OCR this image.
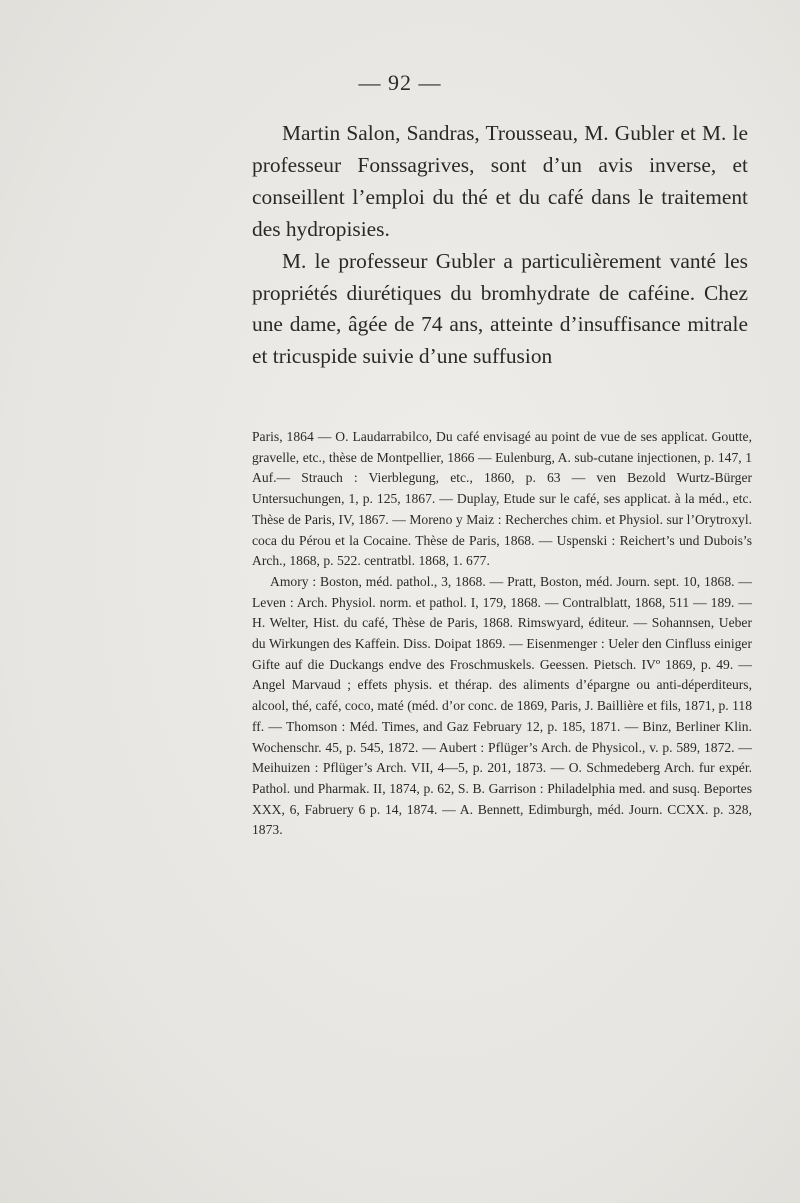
— 92 —

Martin Salon, Sandras, Trousseau, M. Gubler et M. le professeur Fonssagrives, sont d’un avis inverse, et conseillent l’emploi du thé et du café dans le traitement des hydropisies.

M. le professeur Gubler a particulièrement vanté les propriétés diurétiques du bromhydrate de caféine. Chez une dame, âgée de 74 ans, atteinte d’insuffisance mitrale et tricuspide suivie d’une suffusion

Paris, 1864 — O. Laudarrabilco, Du café envisagé au point de vue de ses applicat. Goutte, gravelle, etc., thèse de Montpellier, 1866 — Eulenburg, A. sub-cutane injectionen, p. 147, 1 Auf.— Strauch : Vierblegung, etc., 1860, p. 63 — ven Bezold Wurtz-Bürger Untersuchungen, 1, p. 125, 1867. — Duplay, Etude sur le café, ses applicat. à la méd., etc. Thèse de Paris, IV, 1867. — Moreno y Maiz : Recherches chim. et Physiol. sur l’Orytroxyl. coca du Pérou et la Cocaine. Thèse de Paris, 1868. — Uspenski : Reichert’s und Dubois’s Arch., 1868, p. 522. centratbl. 1868, 1. 677.

Amory : Boston, méd. pathol., 3, 1868. — Pratt, Boston, méd. Journ. sept. 10, 1868. — Leven : Arch. Physiol. norm. et pathol. I, 179, 1868. — Contralblatt, 1868, 511 — 189. — H. Welter, Hist. du café, Thèse de Paris, 1868. Rimswyard, éditeur. — Sohannsen, Ueber du Wirkungen des Kaffein. Diss. Doipat 1869. — Eisenmenger : Ueler den Cinfluss einiger Gifte auf die Duckangs endve des Froschmuskels. Geessen. Pietsch. IVº 1869, p. 49. — Angel Marvaud ; effets physis. et thérap. des aliments d’épargne ou anti-déperditeurs, alcool, thé, café, coco, maté (méd. d’or conc. de 1869, Paris, J. Baillière et fils, 1871, p. 118 ff. — Thomson : Méd. Times, and Gaz February 12, p. 185, 1871. — Binz, Berliner Klin. Wochenschr. 45, p. 545, 1872. — Aubert : Pflüger’s Arch. de Physicol., v. p. 589, 1872. — Meihuizen : Pflüger’s Arch. VII, 4—5, p. 201, 1873. — O. Schmedeberg Arch. fur expér. Pathol. und Pharmak. II, 1874, p. 62, S. B. Garrison : Philadelphia med. and susq. Beportes XXX, 6, Fabruery 6 p. 14, 1874. — A. Bennett, Edimburgh, méd. Journ. CCXX. p. 328, 1873.
